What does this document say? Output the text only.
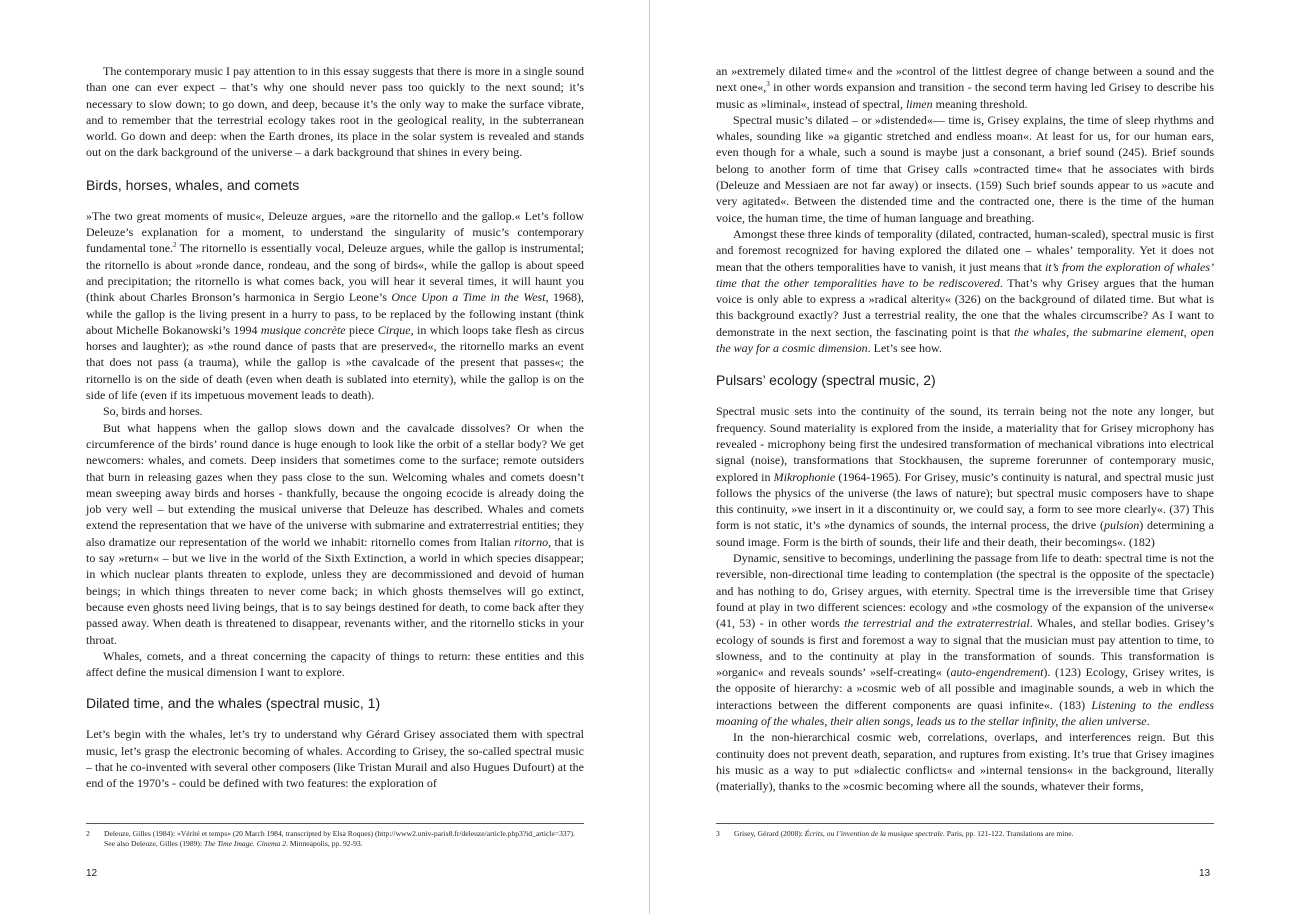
The contemporary music I pay attention to in this essay suggests that there is more in a single sound than one can ever expect – that’s why one should never pass too quickly to the next sound; it’s necessary to slow down; to go down, and deep, because it’s the only way to make the surface vibrate, and to remember that the terrestrial ecology takes root in the geological reality, in the subterranean world. Go down and deep: when the Earth drones, its place in the solar system is revealed and stands out on the dark background of the universe – a dark background that shines in every being.

Birds, horses, whales, and comets

»The two great moments of music«, Deleuze argues, »are the ritornello and the gallop.« Let’s follow Deleuze’s explanation for a moment, to understand the singularity of music’s contemporary fundamental tone.$^2$ The ritornello is essentially vocal, Deleuze argues, while the gallop is instrumental; the ritornello is about »ronde dance, rondeau, and the song of birds«, while the gallop is about speed and precipitation; the ritornello is what comes back, you will hear it several times, it will haunt you (think about Charles Bronson’s harmonica in Sergio Leone’s Once Upon a Time in the West, 1968), while the gallop is the living present in a hurry to pass, to be replaced by the following instant (think about Michelle Bokanowski’s 1994 musique concrète piece Cirque, in which loops take flesh as circus horses and laughter); as »the round dance of pasts that are preserved«, the ritornello marks an event that does not pass (a trauma), while the gallop is »the cavalcade of the present that passes«; the ritornello is on the side of death (even when death is sublated into eternity), while the gallop is on the side of life (even if its impetuous movement leads to death).

So, birds and horses.

But what happens when the gallop slows down and the cavalcade dissolves? Or when the circumference of the birds’ round dance is huge enough to look like the orbit of a stellar body? We get newcomers: whales, and comets. Deep insiders that sometimes come to the surface; remote outsiders that burn in releasing gazes when they pass close to the sun. Welcoming whales and comets doesn’t mean sweeping away birds and horses - thankfully, because the ongoing ecocide is already doing the job very well – but extending the musical universe that Deleuze has described. Whales and comets extend the representation that we have of the universe with submarine and extraterrestrial entities; they also dramatize our representation of the world we inhabit: ritornello comes from Italian ritorno, that is to say »return« – but we live in the world of the Sixth Extinction, a world in which species disappear; in which nuclear plants threaten to explode, unless they are decommissioned and devoid of human beings; in which things threaten to never come back; in which ghosts themselves will go extinct, because even ghosts need living beings, that is to say beings destined for death, to come back after they passed away. When death is threatened to disappear, revenants wither, and the ritornello sticks in your throat.

Whales, comets, and a threat concerning the capacity of things to return: these entities and this affect define the musical dimension I want to explore.

Dilated time, and the whales (spectral music, 1)

Let’s begin with the whales, let’s try to understand why Gérard Grisey associated them with spectral music, let’s grasp the electronic becoming of whales. According to Grisey, the so-called spectral music – that he co-invented with several other composers (like Tristan Murail and also Hugues Dufourt) at the end of the 1970’s - could be defined with two features: the exploration of

2 Deleuze, Gilles (1984): »Vérité et temps« (20 March 1984, transcripted by Elsa Roques) (http://www2.univ-paris8.fr/deleuze/article.php3?id_article=337). See also Deleuze, Gilles (1989): The Time Image. Cinema 2. Minneapolis, pp. 92-93.
12

an »extremely dilated time« and the »control of the littlest degree of change between a sound and the next one«,$^3$ in other words expansion and transition - the second term having led Grisey to describe his music as »liminal«, instead of spectral, limen meaning threshold.

Spectral music’s dilated – or »distended«— time is, Grisey explains, the time of sleep rhythms and whales, sounding like »a gigantic stretched and endless moan«. At least for us, for our human ears, even though for a whale, such a sound is maybe just a consonant, a brief sound (245). Brief sounds belong to another form of time that Grisey calls »contracted time« that he associates with birds (Deleuze and Messiaen are not far away) or insects. (159) Such brief sounds appear to us »acute and very agitated«. Between the distended time and the contracted one, there is the time of the human voice, the human time, the time of human language and breathing.

Amongst these three kinds of temporality (dilated, contracted, human-scaled), spectral music is first and foremost recognized for having explored the dilated one – whales’ temporality. Yet it does not mean that the others temporalities have to vanish, it just means that it’s from the exploration of whales’ time that the other temporalities have to be rediscovered. That’s why Grisey argues that the human voice is only able to express a »radical alterity« (326) on the background of dilated time. But what is this background exactly? Just a terrestrial reality, the one that the whales circumscribe? As I want to demonstrate in the next section, the fascinating point is that the whales, the submarine element, open the way for a cosmic dimension. Let’s see how.

Pulsars’ ecology (spectral music, 2)

Spectral music sets into the continuity of the sound, its terrain being not the note any longer, but frequency. Sound materiality is explored from the inside, a materiality that for Grisey microphony has revealed - microphony being first the undesired transformation of mechanical vibrations into electrical signal (noise), transformations that Stockhausen, the supreme forerunner of contemporary music, explored in Mikrophonie (1964-1965). For Grisey, music’s continuity is natural, and spectral music just follows the physics of the universe (the laws of nature); but spectral music composers have to shape this continuity, »we insert in it a discontinuity or, we could say, a form to see more clearly«. (37) This form is not static, it’s »the dynamics of sounds, the internal process, the drive (pulsion) determining a sound image. Form is the birth of sounds, their life and their death, their becomings«. (182)

Dynamic, sensitive to becomings, underlining the passage from life to death: spectral time is not the reversible, non-directional time leading to contemplation (the spectral is the opposite of the spectacle) and has nothing to do, Grisey argues, with eternity. Spectral time is the irreversible time that Grisey found at play in two different sciences: ecology and »the cosmology of the expansion of the universe« (41, 53) - in other words the terrestrial and the extraterrestrial. Whales, and stellar bodies. Grisey’s ecology of sounds is first and foremost a way to signal that the musician must pay attention to time, to slowness, and to the continuity at play in the transformation of sounds. This transformation is »organic« and reveals sounds’ »self-creating« (auto-engendrement). (123) Ecology, Grisey writes, is the opposite of hierarchy: a »cosmic web of all possible and imaginable sounds, a web in which the interactions between the different components are quasi infinite«. (183) Listening to the endless moaning of the whales, their alien songs, leads us to the stellar infinity, the alien universe.

In the non-hierarchical cosmic web, correlations, overlaps, and interferences reign. But this continuity does not prevent death, separation, and ruptures from existing. It’s true that Grisey imagines his music as a way to put »dialectic conflicts« and »internal tensions« in the background, literally (materially), thanks to the »cosmic becoming where all the sounds, whatever their forms,

3 Grisey, Gérard (2008): Écrits, ou l’invention de la musique spectrale. Paris, pp. 121-122. Translations are mine.
13
